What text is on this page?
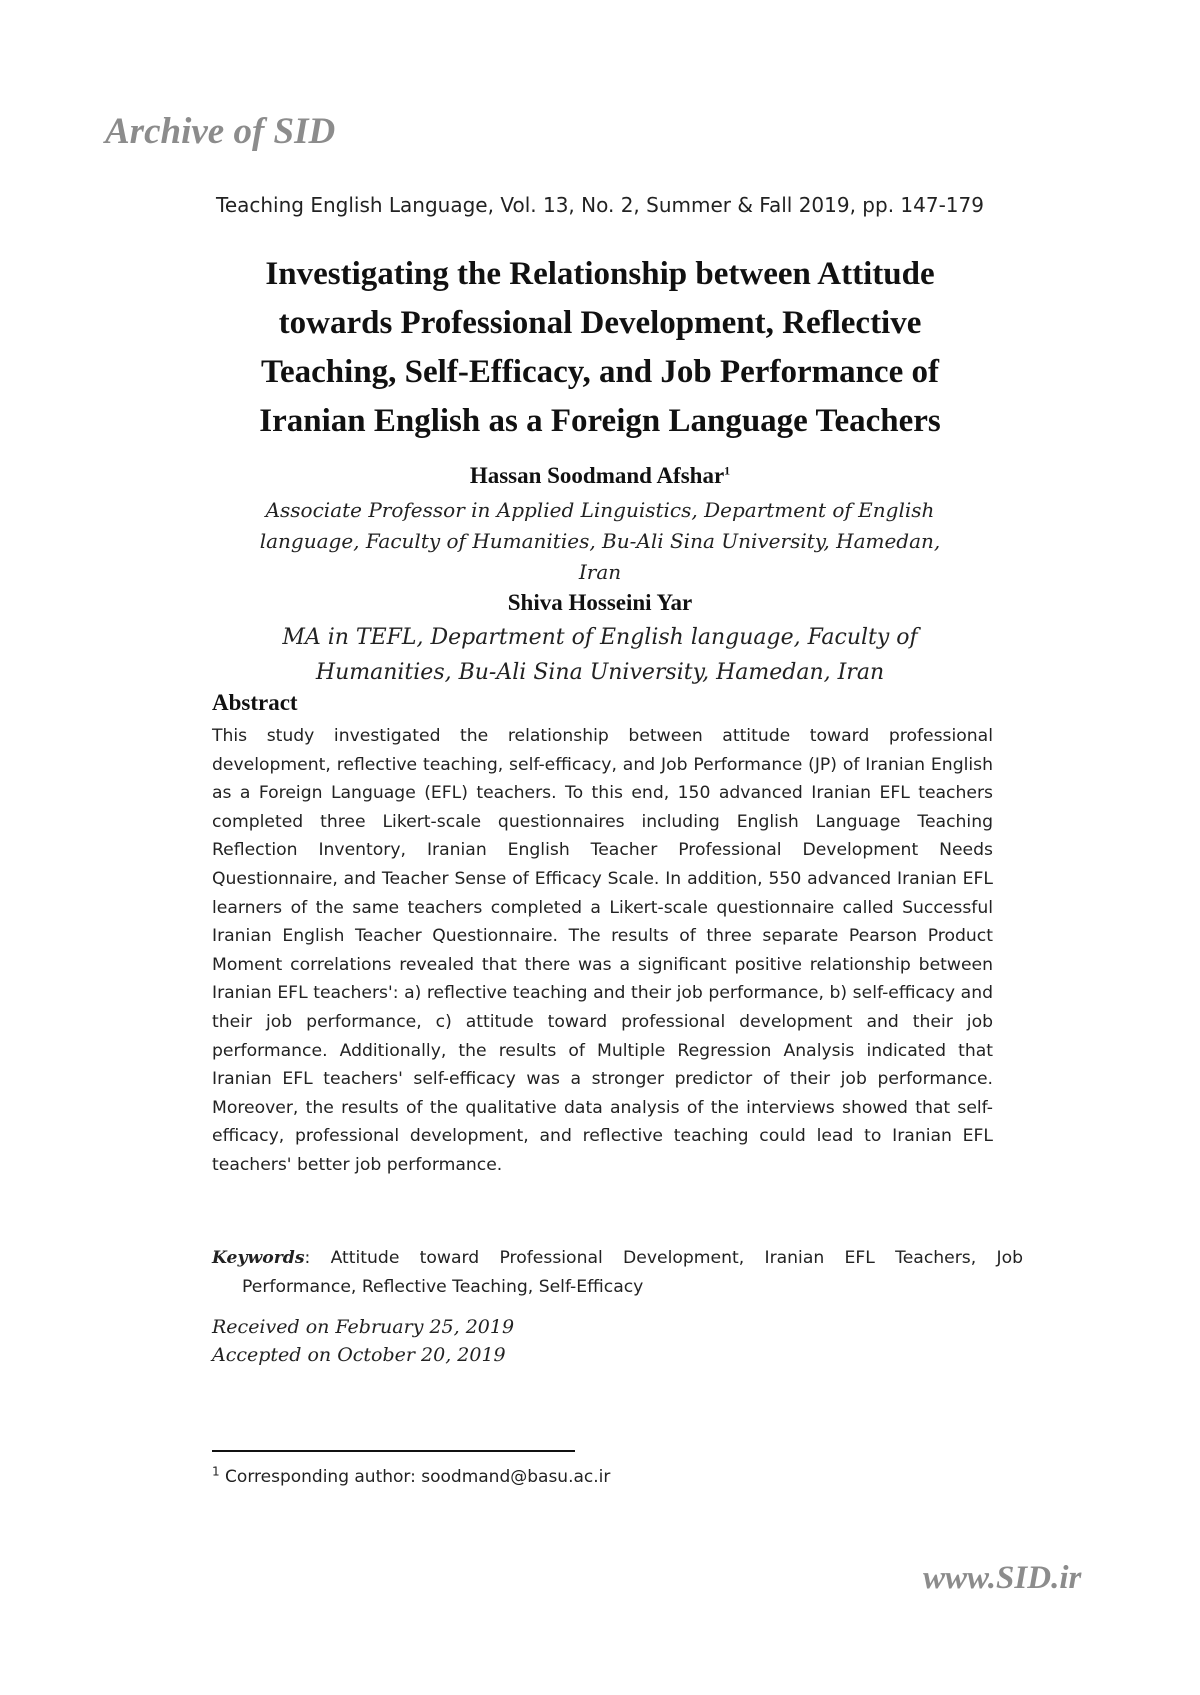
Archive of SID
Teaching English Language, Vol. 13, No. 2, Summer & Fall 2019, pp. 147-179
Investigating the Relationship between Attitude
towards Professional Development, Reflective
Teaching, Self-Efficacy, and Job Performance of
Iranian English as a Foreign Language Teachers
Hassan Soodmand Afshar$^1$
Associate Professor in Applied Linguistics, Department of English
language, Faculty of Humanities, Bu-Ali Sina University, Hamedan,
Iran
Shiva Hosseini Yar
MA in TEFL, Department of English language, Faculty of
Humanities, Bu-Ali Sina University, Hamedan, Iran
Abstract
This study investigated the relationship between attitude toward professional development, reflective teaching, self-efficacy, and Job Performance (JP) of Iranian English as a Foreign Language (EFL) teachers. To this end, 150 advanced Iranian EFL teachers completed three Likert-scale questionnaires including English Language Teaching Reflection Inventory, Iranian English Teacher Professional Development Needs Questionnaire, and Teacher Sense of Efficacy Scale. In addition, 550 advanced Iranian EFL learners of the same teachers completed a Likert-scale questionnaire called Successful Iranian English Teacher Questionnaire. The results of three separate Pearson Product Moment correlations revealed that there was a significant positive relationship between Iranian EFL teachers': a) reflective teaching and their job performance, b) self-efficacy and their job performance, c) attitude toward professional development and their job performance. Additionally, the results of Multiple Regression Analysis indicated that Iranian EFL teachers' self-efficacy was a stronger predictor of their job performance. Moreover, the results of the qualitative data analysis of the interviews showed that self-efficacy, professional development, and reflective teaching could lead to Iranian EFL teachers' better job performance.
Keywords: Attitude toward Professional Development, Iranian EFL Teachers, Job Performance, Reflective Teaching, Self-Efficacy
Received on February 25, 2019
Accepted on October 20, 2019
$^1$ Corresponding author: soodmand@basu.ac.ir
www.SID.ir
